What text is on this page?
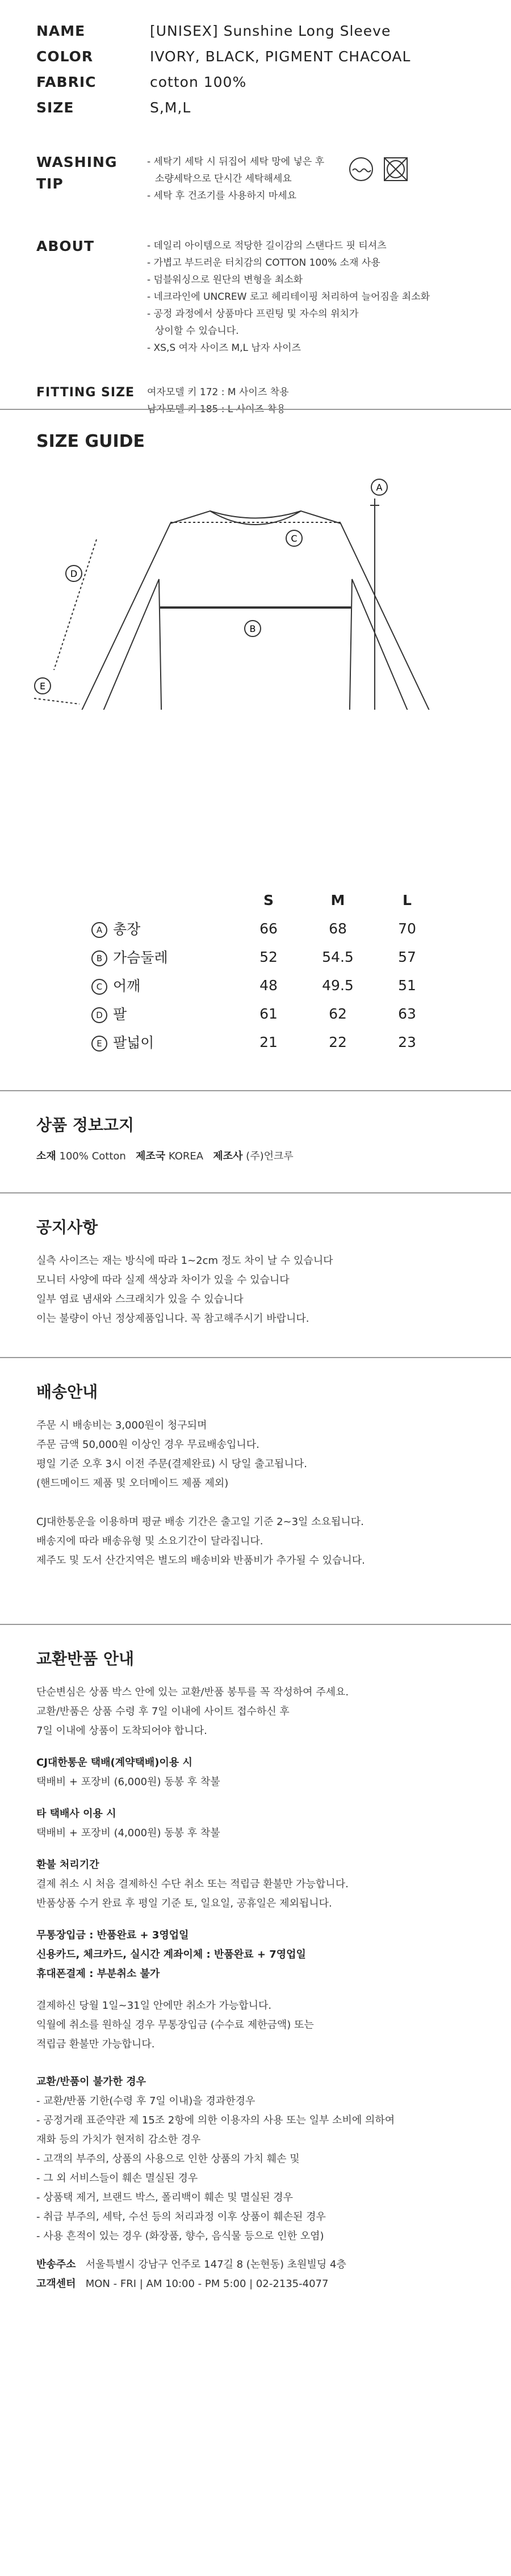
NAME	[UNISEX] Sunshine Long Sleeve
COLOR	IVORY, BLACK, PIGMENT CHACOAL
FABRIC	cotton 100%
SIZE	S,M,L
WASHING
TIP
- 세탁기 세탁 시 뒤집어 세탁 망에 넣은 후
소량세탁으로 단시간 세탁해세요
- 세탁 후 건조기를 사용하지 마세요
ABOUT	- 데일리 아이템으로 적당한 길이감의 스탠다드 핏 티셔츠
- 가볍고 부드러운 터치감의 COTTON 100% 소재 사용
- 덤블워싱으로 원단의 변형을 최소화
- 네크라인에 UNCREW 로고 헤리테이핑 처리하여 늘어짐을 최소화
- 공정 과정에서 상품마다 프린팅 및 자수의 위치가
상이할 수 있습니다.
- XS,S 여자 사이즈 M,L 남자 사이즈
FITTING SIZE	여자모델 키 172 : M 사이즈 착용
남자모델 키 185 : L 사이즈 착용
SIZE GUIDE
A
C
B
D
E
	S	M	L
A 총장	66	68	70
B 가슴둘레	52	54.5	57
C 어깨	48	49.5	51
D 팔	61	62	63
E 팔넓이	21	22	23
상품 정보고지
소재 100% Cotton 제조국 KOREA 제조사 (주)언크루
공지사항
실측 사이즈는 재는 방식에 따라 1~2cm 정도 차이 날 수 있습니다
모니터 사양에 따라 실제 색상과 차이가 있을 수 있습니다
일부 염료 냄새와 스크래치가 있을 수 있습니다
이는 불량이 아닌 정상제품입니다. 꼭 참고해주시기 바랍니다.
배송안내
주문 시 배송비는 3,000원이 청구되며
주문 금액 50,000원 이상인 경우 무료배송입니다.
평일 기준 오후 3시 이전 주문(결제완료) 시 당일 출고됩니다.
(핸드메이드 제품 및 오더메이드 제품 제외)
CJ대한통운을 이용하며 평균 배송 기간은 출고일 기준 2~3일 소요됩니다.
배송지에 따라 배송유형 및 소요기간이 달라집니다.
제주도 및 도서 산간지역은 별도의 배송비와 반품비가 추가될 수 있습니다.
교환반품 안내
단순변심은 상품 박스 안에 있는 교환/반품 봉투를 꼭 작성하여 주세요.
교환/반품은 상품 수령 후 7일 이내에 사이트 접수하신 후
7일 이내에 상품이 도착되어야 합니다.
CJ대한통운 택배(계약택배)이용 시
택배비 + 포장비 (6,000원) 동봉 후 착불
타 택배사 이용 시
택배비 + 포장비 (4,000원) 동봉 후 착불
환불 처리기간
결제 취소 시 처음 결제하신 수단 취소 또는 적립금 환불만 가능합니다.
반품상품 수거 완료 후 평일 기준 토, 일요일, 공휴일은 제외됩니다.
무통장입금 : 반품완료 + 3영업일
신용카드, 체크카드, 실시간 계좌이체 : 반품완료 + 7영업일
휴대폰결제 : 부분취소 불가
결제하신 당월 1일~31일 안에만 취소가 가능합니다.
익월에 취소를 원하실 경우 무통장입금 (수수료 제한금액) 또는
적립금 환불만 가능합니다.
교환/반품이 불가한 경우
- 교환/반품 기한(수령 후 7일 이내)을 경과한경우
- 공정거래 표준약관 제 15조 2항에 의한 이용자의 사용 또는 일부 소비에 의하여
재화 등의 가치가 현저히 감소한 경우
- 고객의 부주의, 상품의 사용으로 인한 상품의 가치 훼손 및
- 그 외 서비스들이 훼손 멸실된 경우
- 상품택 제거, 브랜드 박스, 폴리백이 훼손 및 멸실된 경우
- 취급 부주의, 세탁, 수선 등의 처리과정 이후 상품이 훼손된 경우
- 사용 흔적이 있는 경우 (화장품, 향수, 음식물 등으로 인한 오염)
반송주소 서울특별시 강남구 언주로 147길 8 (논현동) 초원빌딩 4층
고객센터 MON - FRI | AM 10:00 - PM 5:00 | 02-2135-4077
